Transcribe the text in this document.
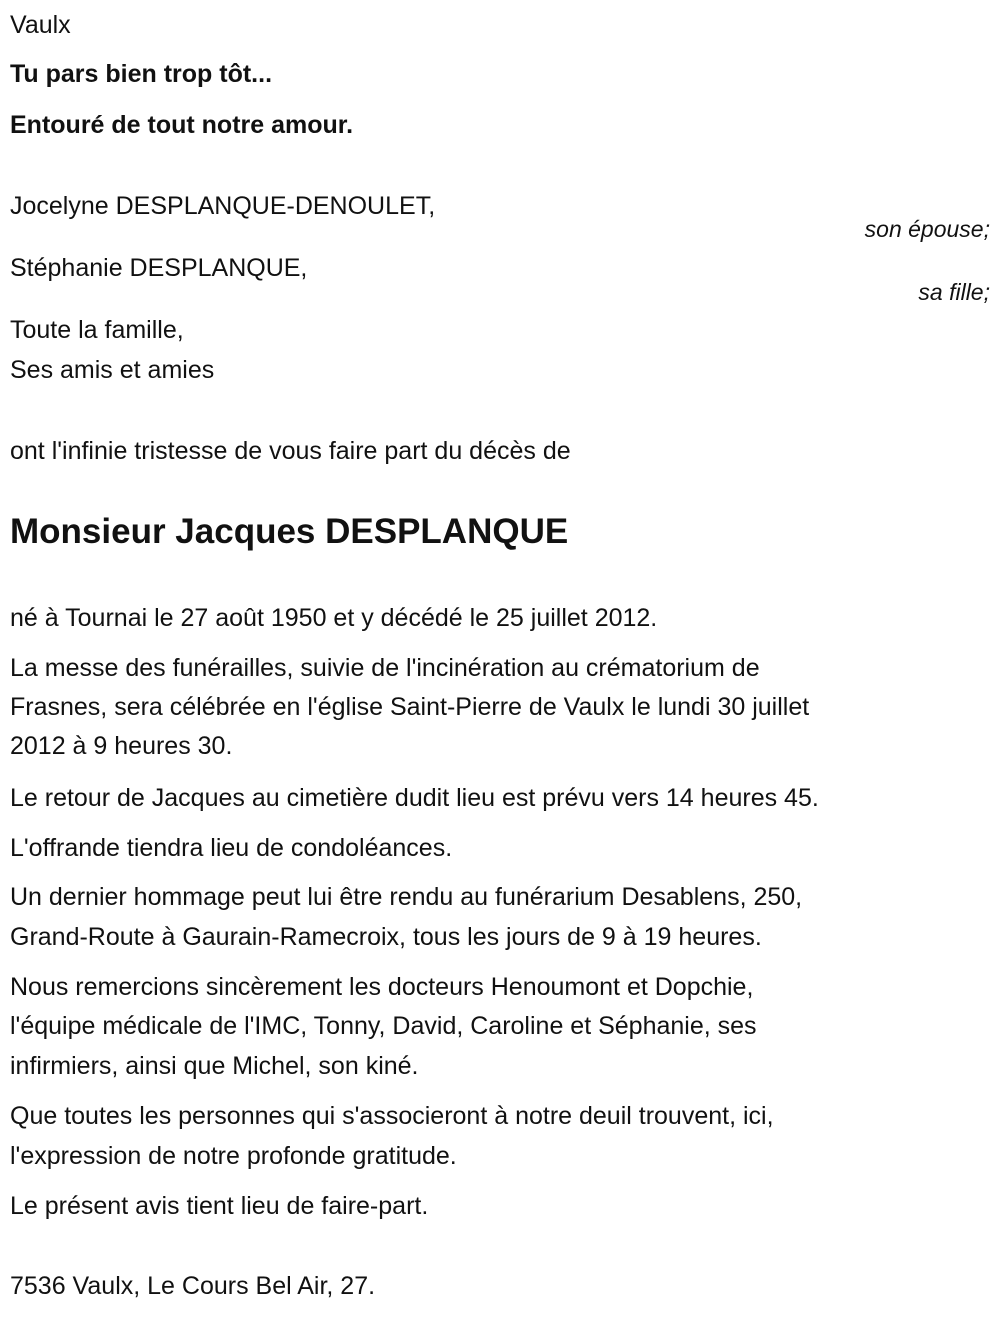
Vaulx
Tu pars bien trop tôt...
Entouré de tout notre amour.
Jocelyne DESPLANQUE-DENOULET,
son épouse;
Stéphanie DESPLANQUE,
sa fille;
Toute la famille,
Ses amis et amies
ont l'infinie tristesse de vous faire part du décès de
Monsieur Jacques DESPLANQUE
né à Tournai le 27 août 1950 et y décédé le 25 juillet 2012.
La messe des funérailles, suivie de l'incinération au crématorium de
Frasnes, sera célébrée en l'église Saint-Pierre de Vaulx le lundi 30 juillet
2012 à 9 heures 30.
Le retour de Jacques au cimetière dudit lieu est prévu vers 14 heures 45.
L'offrande tiendra lieu de condoléances.
Un dernier hommage peut lui être rendu au funérarium Desablens, 250,
Grand-Route à Gaurain-Ramecroix, tous les jours de 9 à 19 heures.
Nous remercions sincèrement les docteurs Henoumont et Dopchie,
l'équipe médicale de l'IMC, Tonny, David, Caroline et Séphanie, ses
infirmiers, ainsi que Michel, son kiné.
Que toutes les personnes qui s'associeront à notre deuil trouvent, ici,
l'expression de notre profonde gratitude.
Le présent avis tient lieu de faire-part.
7536 Vaulx, Le Cours Bel Air, 27.
